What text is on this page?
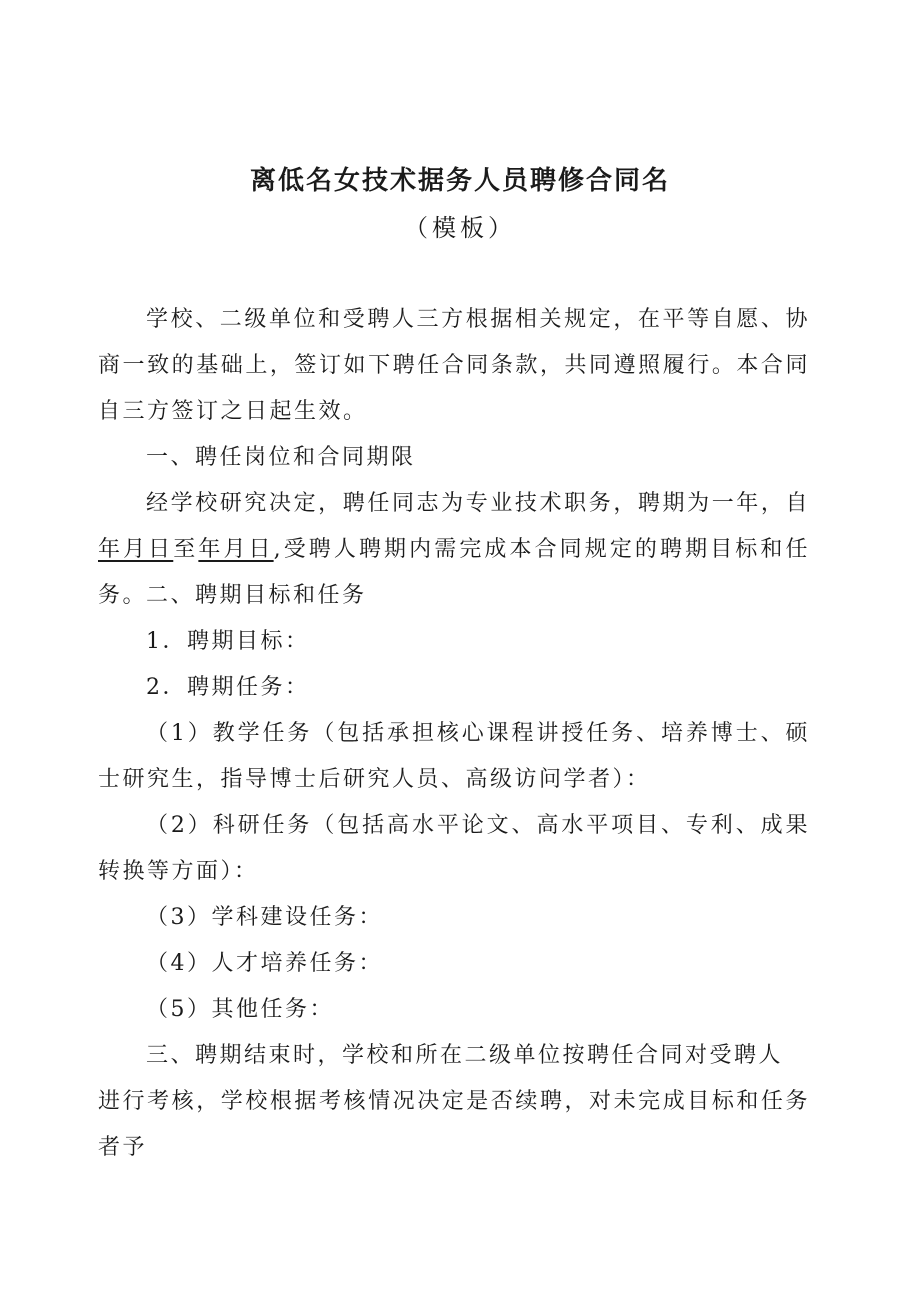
离低名女技术据务人员聘修合同名
（模板）

学校、二级单位和受聘人三方根据相关规定，在平等自愿、协商一致的基础上，签订如下聘任合同条款，共同遵照履行。本合同自三方签订之日起生效。

一、聘任岗位和合同期限

经学校研究决定，聘任同志为专业技术职务，聘期为一年，自年月日至年月日,受聘人聘期内需完成本合同规定的聘期目标和任务。

二、聘期目标和任务

1．聘期目标：

2．聘期任务：

（1）教学任务（包括承担核心课程讲授任务、培养博士、硕士研究生，指导博士后研究人员、高级访问学者）：

（2）科研任务（包括高水平论文、高水平项目、专利、成果转换等方面）：

（3）学科建设任务：

（4）人才培养任务：

（5）其他任务：

三、聘期结束时，学校和所在二级单位按聘任合同对受聘人

进行考核，学校根据考核情况决定是否续聘，对未完成目标和任务者予
